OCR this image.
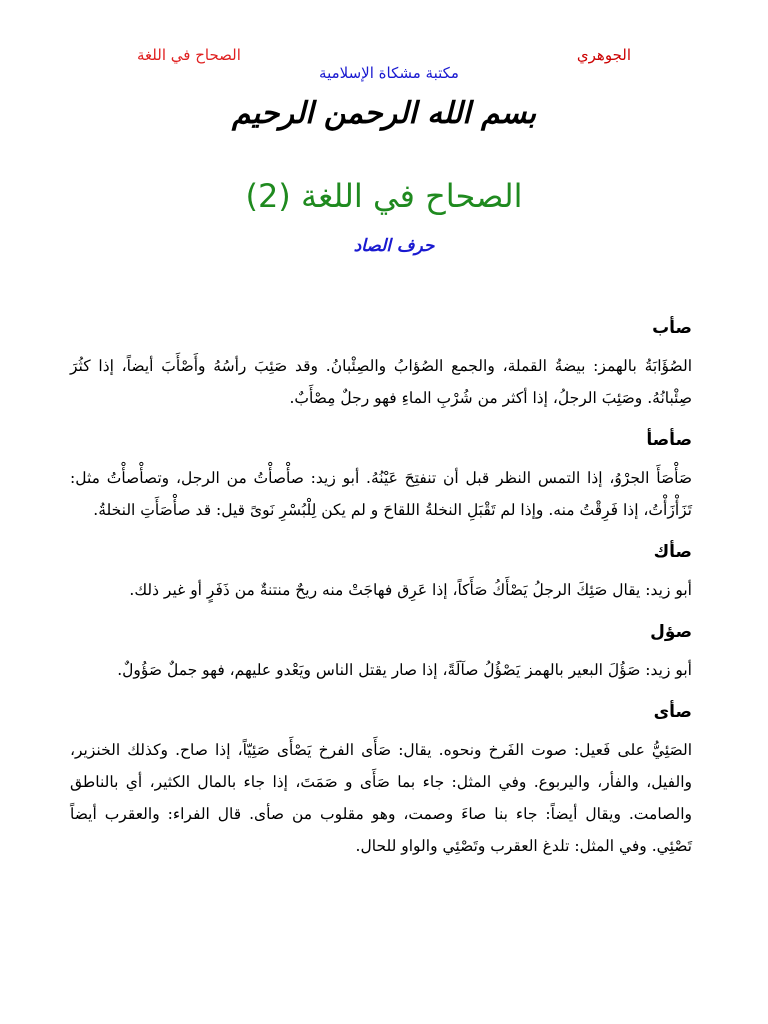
الجوهري
الصحاح في اللغة
مكتبة مشكاة الإسلامية
بسم الله الرحمن الرحيم
الصحاح في اللغة (2)
حرف الصاد

صأب

الصُؤَابَةُ بالهمز: بيضةُ القملة، والجمع الصُؤابُ والصِئْبانُ. وقد صَئِبَ رأسُهُ وأَصْأَبَ أيضاً، إذا كثُرَ صِئْبانُهُ. وصَئِبَ الرجلُ، إذا أكثر من شُرْبِ الماءِ فهو رجلٌ مِصْأَبٌ.

صأصأ

صَأْصَأَ الجرْوُ، إذا التمس النظر قبل أن تنفتِحَ عَيْنُهُ. أبو زيد: صأْصأْتُ من الرجل، وتصأْصأْتُ مثل: تَزَأْزَأْتُ، إذا فَرِقْتُ منه. وإذا لم تَقْبَلِ النخلةُ اللقاحَ و لم يكن لِلْبُسْرِ نَوىً قيل: قد صأْصَأَتِ النخلةُ.

صأك

أبو زيد: يقال صَئِكَ الرجلُ يَصْأَكُ صَأَكاً، إذا عَرِق فهاجَتْ منه ريحٌ منتنةٌ من ذَفَرٍ أو غير ذلك.

صؤل

أبو زيد: صَؤُلَ البعير بالهمز يَصْؤُلُ صآلَةً، إذا صار يقتل الناس ويَعْدو عليهم، فهو جملٌ صَؤُولٌ.

صأى

الصَئِيُّ على فَعيل: صوت الفَرخ ونحوه. يقال: صَأَى الفرخ يَصْأَى صَئِيّاً، إذا صاح. وكذلك الخنزير، والفيل، والفأر، واليربوع. وفي المثل: جاء بما صَأَى و صَمَتَ، إذا جاء بالمال الكثير، أي بالناطق والصامت. ويقال أيضاً: جاء بنا صاءَ وصمت، وهو مقلوب من صأى. قال الفراء: والعقرب أيضاً تَصْئِي. وفي المثل: تلدغ العقرب وتَصْئِي والواو للحال.
